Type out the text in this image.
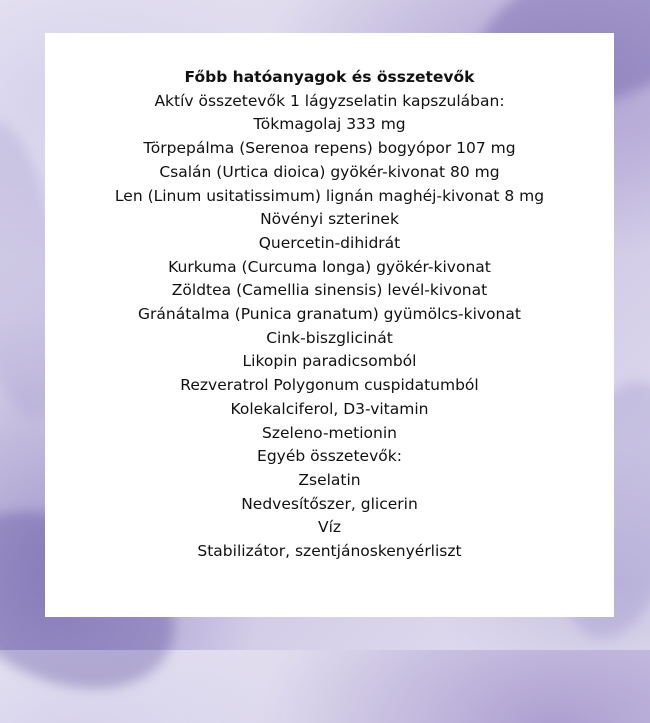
Főbb hatóanyagok és összetevők

Aktív összetevők 1 lágyzselatin kapszulában:

Tökmagolaj 333 mg

Törpepálma (Serenoa repens) bogyópor 107 mg

Csalán (Urtica dioica) gyökér-kivonat 80 mg

Len (Linum usitatissimum) lignán maghéj-kivonat 8 mg

Növényi szterinek

Quercetin-dihidrát

Kurkuma (Curcuma longa) gyökér-kivonat

Zöldtea (Camellia sinensis) levél-kivonat

Gránátalma (Punica granatum) gyümölcs-kivonat

Cink-biszglicinát

Likopin paradicsomból

Rezveratrol Polygonum cuspidatumból

Kolekalciferol, D3-vitamin

Szeleno-metionin

Egyéb összetevők:

Zselatin

Nedvesítőszer, glicerin

Víz

Stabilizátor, szentjánoskenyérliszt
